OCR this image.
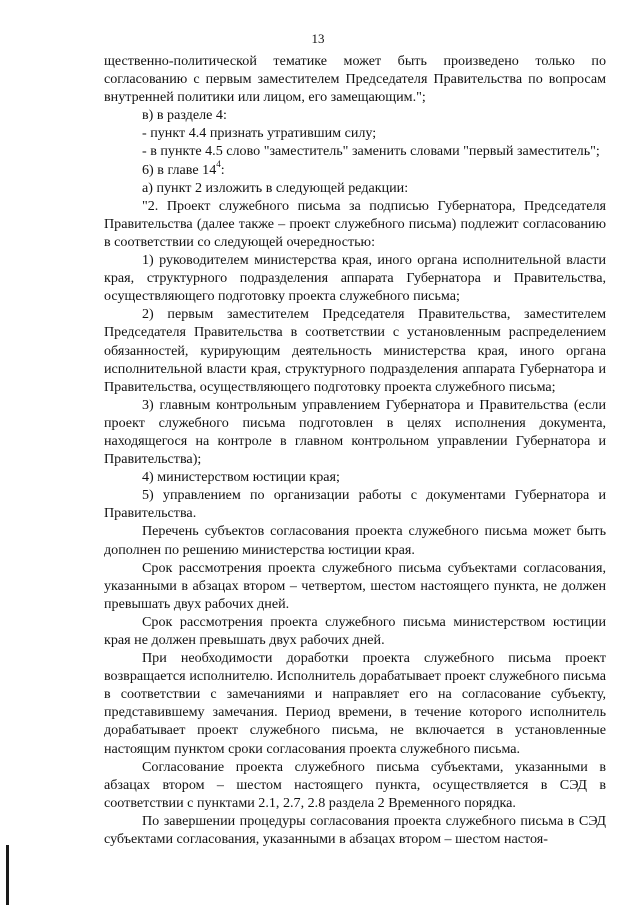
13

щественно-политической тематике может быть произведено только по согласованию с первым заместителем Председателя Правительства по вопросам внутренней политики или лицом, его замещающим.";

в) в разделе 4:

- пункт 4.4 признать утратившим силу;

- в пункте 4.5 слово "заместитель" заменить словами "первый заместитель";

6) в главе $14^4$:

а) пункт 2 изложить в следующей редакции:

"2. Проект служебного письма за подписью Губернатора, Председателя Правительства (далее также – проект служебного письма) подлежит согласованию в соответствии со следующей очередностью:

1) руководителем министерства края, иного органа исполнительной власти края, структурного подразделения аппарата Губернатора и Правительства, осуществляющего подготовку проекта служебного письма;

2) первым заместителем Председателя Правительства, заместителем Председателя Правительства в соответствии с установленным распределением обязанностей, курирующим деятельность министерства края, иного органа исполнительной власти края, структурного подразделения аппарата Губернатора и Правительства, осуществляющего подготовку проекта служебного письма;

3) главным контрольным управлением Губернатора и Правительства (если проект служебного письма подготовлен в целях исполнения документа, находящегося на контроле в главном контрольном управлении Губернатора и Правительства);

4) министерством юстиции края;

5) управлением по организации работы с документами Губернатора и Правительства.

Перечень субъектов согласования проекта служебного письма может быть дополнен по решению министерства юстиции края.

Срок рассмотрения проекта служебного письма субъектами согласования, указанными в абзацах втором – четвертом, шестом настоящего пункта, не должен превышать двух рабочих дней.

Срок рассмотрения проекта служебного письма министерством юстиции края не должен превышать двух рабочих дней.

При необходимости доработки проекта служебного письма проект возвращается исполнителю. Исполнитель дорабатывает проект служебного письма в соответствии с замечаниями и направляет его на согласование субъекту, представившему замечания. Период времени, в течение которого исполнитель дорабатывает проект служебного письма, не включается в установленные настоящим пунктом сроки согласования проекта служебного письма.

Согласование проекта служебного письма субъектами, указанными в абзацах втором – шестом настоящего пункта, осуществляется в СЭД в соответствии с пунктами 2.1, 2.7, 2.8 раздела 2 Временного порядка.

По завершении процедуры согласования проекта служебного письма в СЭД субъектами согласования, указанными в абзацах втором – шестом настоя-
